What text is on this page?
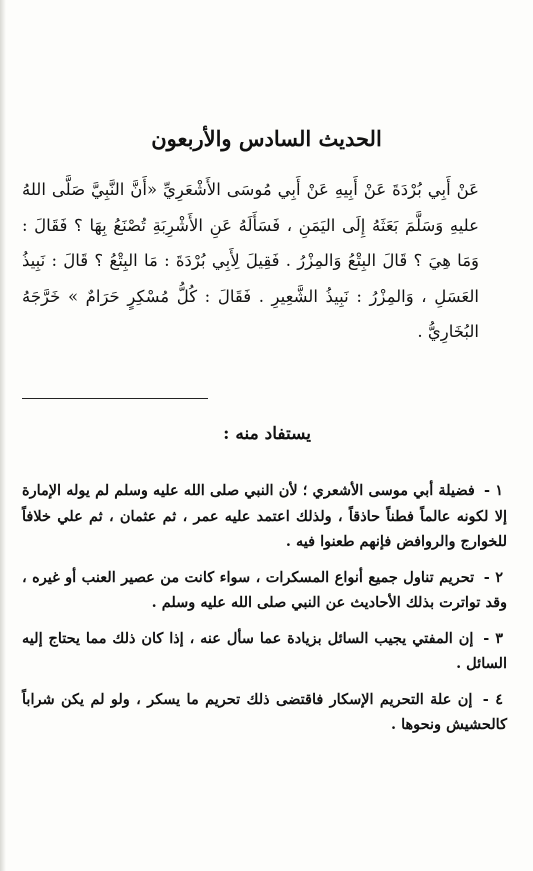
الحديث السادس والأربعون

عَنْ أَبِي بُرْدَةَ عَنْ أَبِيهِ عَنْ أَبِي مُوسَى الأَشْعَرِيِّ «أَنَّ النَّبِيَّ صَلَّى اللهُ عليهِ وَسَلَّمَ بَعَثَهُ إِلَى اليَمَنِ ، فَسَأَلَهُ عَنِ الأَشْرِبَةِ تُصْنَعُ بِهَا ؟ فَقَالَ : وَمَا هِيَ ؟ قَالَ البِتْعُ وَالمِزْرُ . فَقِيلَ لِأَبِي بُرْدَةَ : مَا البِتْعُ ؟ قَالَ : نَبِيذُ العَسَلِ ، وَالمِزْرُ : نَبِيذُ الشَّعِيرِ . فَقَالَ : كُلُّ مُسْكِرٍ حَرَامٌ » خَرَّجَهُ البُخَارِيُّ .

يستفاد منه :

١ - فضيلة أبي موسى الأشعري ؛ لأن النبي صلى الله عليه وسلم لم يوله الإمارة إلا لكونه عالماً فطناً حاذقاً ، ولذلك اعتمد عليه عمر ، ثم عثمان ، ثم علي خلافاً للخوارج والروافض فإنهم طعنوا فيه .

٢ - تحريم تناول جميع أنواع المسكرات ، سواء كانت من عصير العنب أو غيره ، وقد تواترت بذلك الأحاديث عن النبي صلى الله عليه وسلم .

٣ - إن المفتي يجيب السائل بزيادة عما سأل عنه ، إذا كان ذلك مما يحتاج إليه السائل .

٤ - إن علة التحريم الإسكار فاقتضى ذلك تحريم ما يسكر ، ولو لم يكن شراباً كالحشيش ونحوها .
